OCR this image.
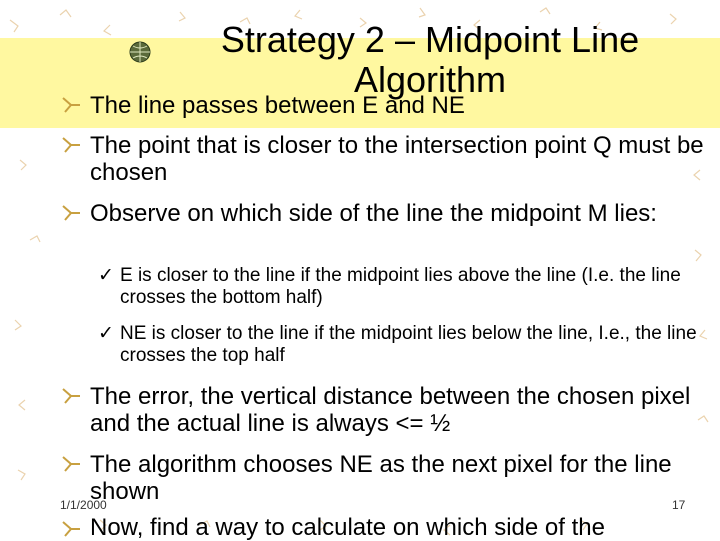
Strategy 2 – Midpoint Line Algorithm
The line passes between E and NE
The point that is closer to the intersection point Q must be chosen
Observe on which side of the line the midpoint M lies:
✓ E is closer to the line if the midpoint lies above the line (I.e. the line crosses the bottom half)
✓ NE is closer to the line if the midpoint lies below the line, I.e., the line crosses the top half
The error, the vertical distance between the chosen pixel and the actual line is always <= ½
The algorithm chooses NE as the next pixel for the line shown
Now, find a way to calculate on which side of the
1/1/2000	17
